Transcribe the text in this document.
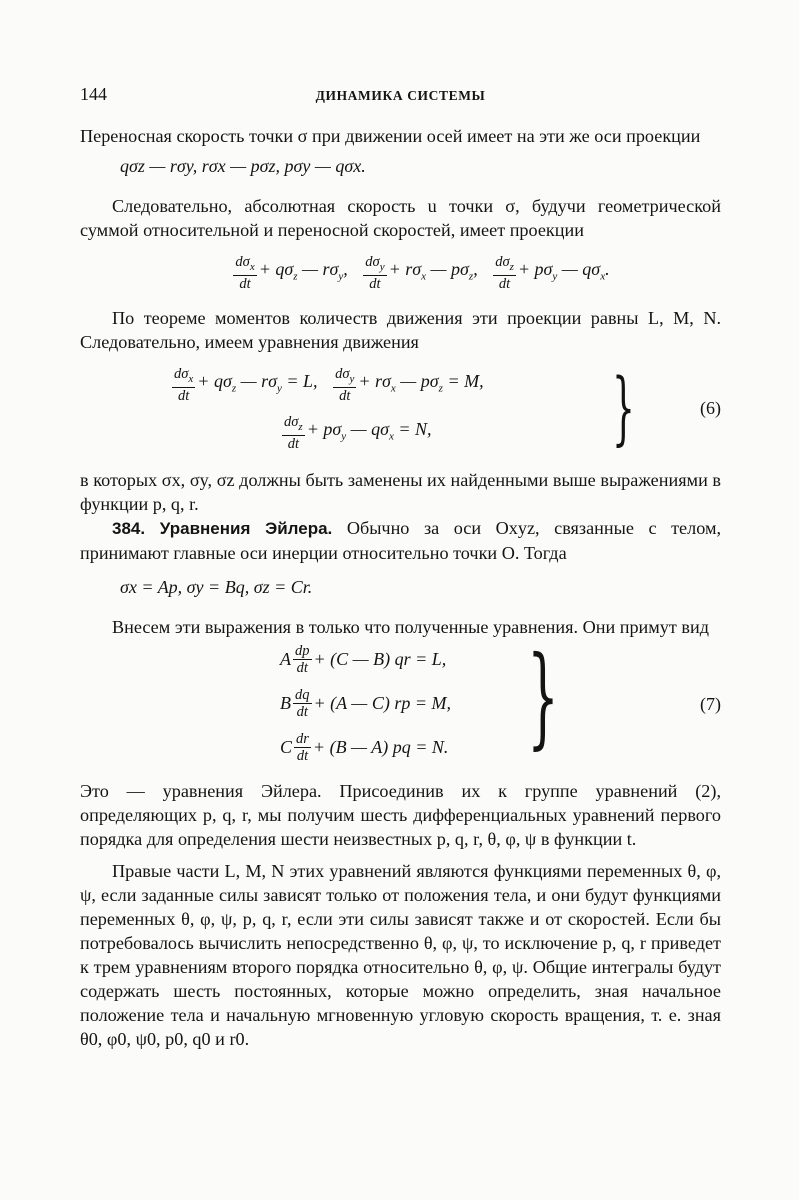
144	ДИНАМИКА СИСТЕМЫ

Переносная скорость точки σ при движении осей имеет на эти же оси проекции

qσz — rσy, rσx — pσz, pσy — qσx.

Следовательно, абсолютная скорость u точки σ, будучи геометрической суммой относительной и переносной скоростей, имеет проекции

$\frac{d\sigma_x}{dt} + q\sigma_z$ — $r\sigma_y$, $\frac{d\sigma_y}{dt} + r\sigma_x$ — $p\sigma_z$, $\frac{d\sigma_z}{dt} + p\sigma_y$ — $q\sigma_x$.

По теореме моментов количеств движения эти проекции равны L, M, N. Следовательно, имеем уравнения движения

$\frac{d\sigma_x}{dt} + q\sigma_z$ — $r\sigma_y = L$, $\frac{d\sigma_y}{dt} + r\sigma_x$ — $p\sigma_z = M$,
$\frac{d\sigma_z}{dt} + p\sigma_y$ — $q\sigma_x = N$, }	(6)

в которых σx, σy, σz должны быть заменены их найденными выше выражениями в функции p, q, r.

384. Уравнения Эйлера. Обычно за оси Oxyz, связанные с телом, принимают главные оси инерции относительно точки O. Тогда

σx = Ap, σy = Bq, σz = Cr.

Внесем эти выражения в только что полученные уравнения. Они примут вид

A $\frac{dp}{dt} + (C$ — B) qr = L,
B $\frac{dq}{dt} + (A$ — C) rp = M,
C $\frac{dr}{dt} + (B$ — A) pq = N. }	(7)

Это — уравнения Эйлера. Присоединив их к группе уравнений (2), определяющих p, q, r, мы получим шесть дифференциальных уравнений первого порядка для определения шести неизвестных p, q, r, θ, φ, ψ в функции t.

Правые части L, M, N этих уравнений являются функциями переменных θ, φ, ψ, если заданные силы зависят только от положения тела, и они будут функциями переменных θ, φ, ψ, p, q, r, если эти силы зависят также и от скоростей. Если бы потребовалось вычислить непосредственно θ, φ, ψ, то исключение p, q, r приведет к трем уравнениям второго порядка относительно θ, φ, ψ. Общие интегралы будут содержать шесть постоянных, которые можно определить, зная начальное положение тела и начальную мгновенную угловую скорость вращения, т. е. зная θ0, φ0, ψ0, p0, q0 и r0.
